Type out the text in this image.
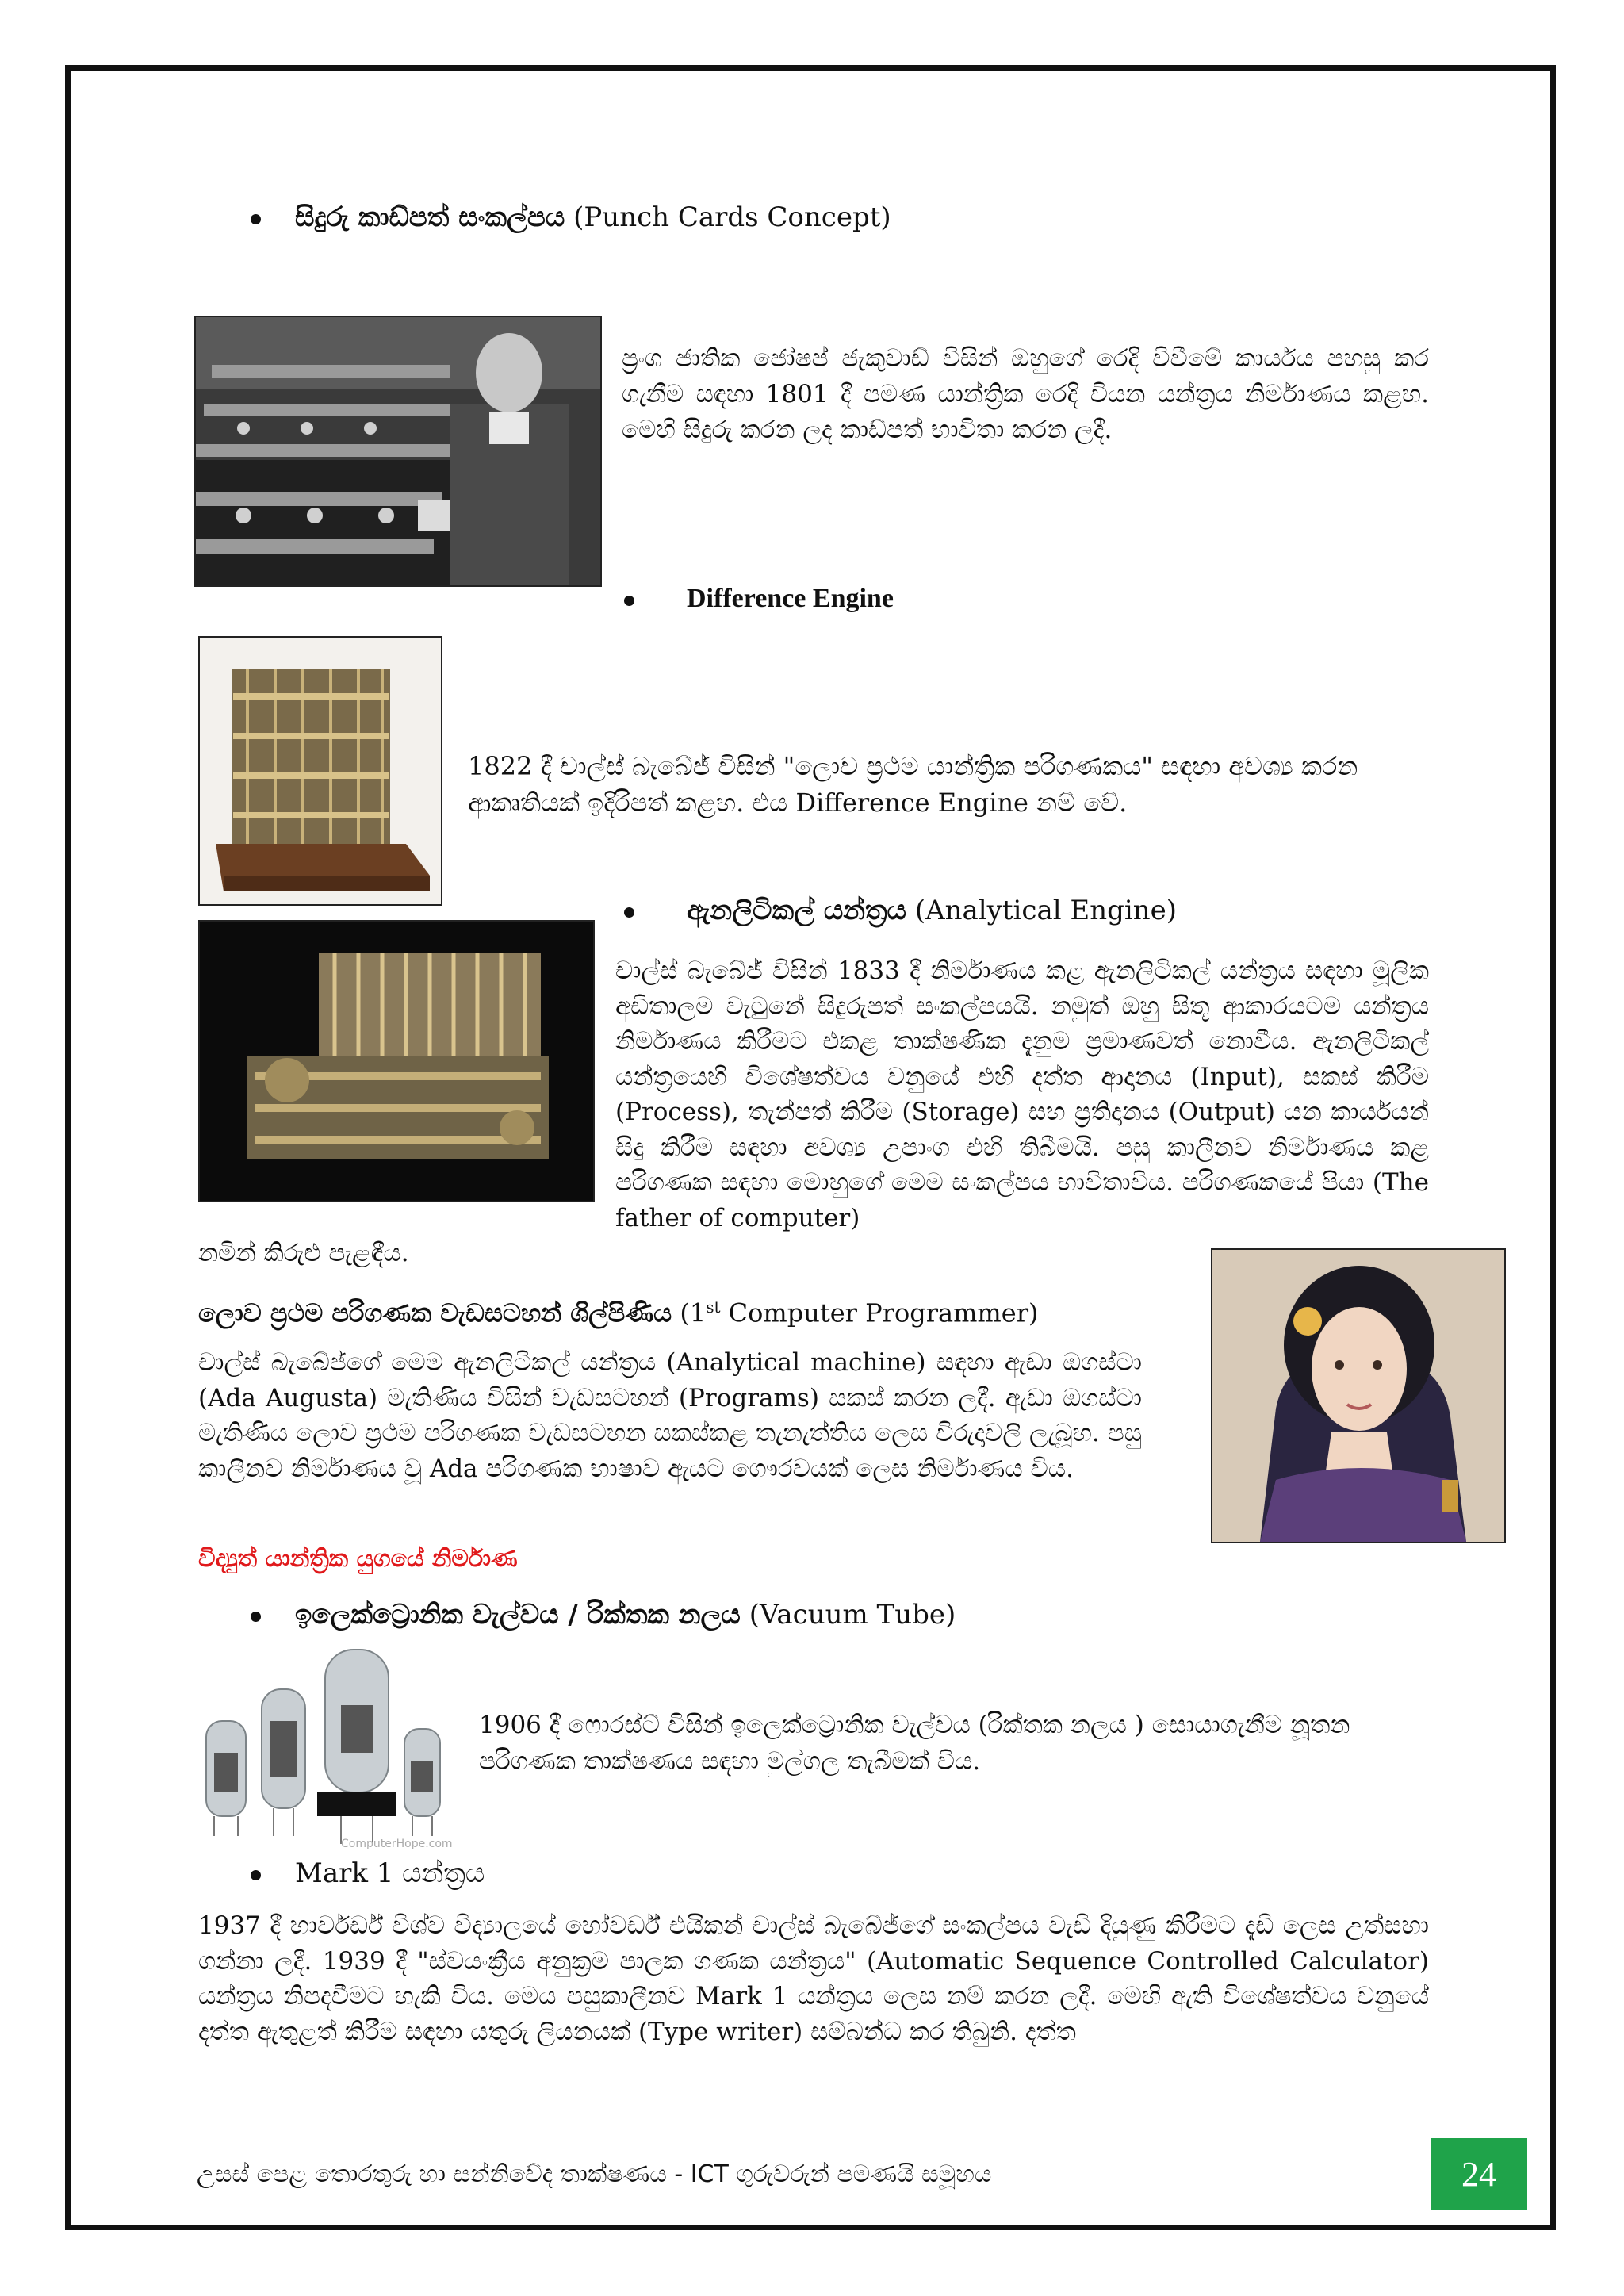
සිදුරු කාඩ්පත් සංකල්පය (Punch Cards Concept)
ප්‍රංශ ජාතික ජෝෂප් ජැකුවාඩ් විසින් ඔහුගේ රෙදි විවීමේ කාර්යය පහසු කර ගැනීම සඳහා 1801 දී පමණ යාන්ත්‍රික රෙදි වියන යන්ත්‍රය නිර්මාණය කළහ. මෙහි සිදුරු කරන ලද කාඩ්පත් භාවිතා කරන ලදී.
Difference Engine
1822 දී චාල්ස් බැබේජ් විසින් "ලොව ප්‍රථම යාන්ත්‍රික පරිගණකය" සඳහා අවශ්‍ය කරන ආකෘතියක් ඉදිරිපත් කළහ. එය Difference Engine නම් වේ.
ඇනලිටිකල් යන්ත්‍රය (Analytical Engine)
චාල්ස් බැබේජ් විසින් 1833 දී නිර්මාණය කළ ඇනලිටිකල් යන්ත්‍රය සඳහා මූලික අඩිතාලම වැටුනේ සිදුරුපත් සංකල්පයයි. නමුත් ඔහු සිතූ ආකාරයටම යන්ත්‍රය නිර්මාණය කිරීමට එකළ තාක්ෂණික දැනුම ප්‍රමාණවත් නොවීය. ඇනලිටිකල් යන්ත්‍රයෙහි විශේෂත්වය වනුයේ එහි දත්ත ආදානය (Input), සකස් කිරීම (Process), තැන්පත් කිරීම (Storage) සහ ප්‍රතිදානය (Output) යන කාර්යයන් සිදු කිරීම සඳහා අවශ්‍ය උපාංග එහි තිබීමයි. පසු කාලීනව නිර්මාණය කළ පරිගණක සඳහා මොහුගේ මෙම සංකල්පය භාවිතාවිය. පරිගණකයේ පියා (The father of computer)
නමින් කිරුළු පැළඳීය.
ලොව ප්‍රථම පරිගණක වැඩසටහන් ශිල්පිණිය (1st Computer Programmer)
චාල්ස් බැබේජ්ගේ මෙම ඇනලිටිකල් යන්ත්‍රය (Analytical machine) සඳහා ඇඩා ඔගස්ටා (Ada Augusta) මැතිණිය විසින් වැඩසටහන් (Programs) සකස් කරන ලදී. ඇඩා ඔගස්ටා මැතිණිය ලොව ප්‍රථම පරිගණක වැඩසටහන සකස්කළ තැනැත්තිය ලෙස විරුදාවලි ලැබූහ. පසු කාලීනව නිර්මාණය වූ Ada පරිගණක භාෂාව ඇයට ගෞරවයක් ලෙස නිර්මාණය විය.
විද්‍යුත් යාන්ත්‍රික යුගයේ නිර්මාණ
ඉලෙක්ට්‍රොනික වැල්වය / රික්තක නලය (Vacuum Tube)
ComputerHope.com
1906 දී ෆොරස්ට් විසින් ඉලෙක්ට්‍රොනික වැල්වය (රික්තක නලය ) සොයාගැනීම නූතන පරිගණක තාක්ෂණය සඳහා මුල්ගල තැබීමක් විය.
Mark 1 යන්ත්‍රය
1937 දී හාර්වර්ඩ් විශ්ව විද්‍යාලයේ හෝවර්ඩ් එයිකන් චාල්ස් බැබේජ්ගේ සංකල්පය වැඩි දියුණු කිරීමට දැඩි ලෙස උත්සහා ගන්නා ලදී. 1939 දී "ස්වයංක්‍රීය අනුක්‍රම පාලක ගණක යන්ත්‍රය" (Automatic Sequence Controlled Calculator) යන්ත්‍රය නිපදවීමට හැකි විය. මෙය පසුකාලීනව Mark 1 යන්ත්‍රය ලෙස නම් කරන ලදී. මෙහි ඇති විශේෂත්වය වනුයේ දත්ත ඇතුළත් කිරීම සඳහා යතුරු ලියනයක් (Type writer) සම්බන්ධ කර තිබුනි. දත්ත
උසස් පෙළ තොරතුරු හා සන්නිවේද තාක්ෂණය - ICT ගුරුවරුන් පමණයි සමූහය	24
